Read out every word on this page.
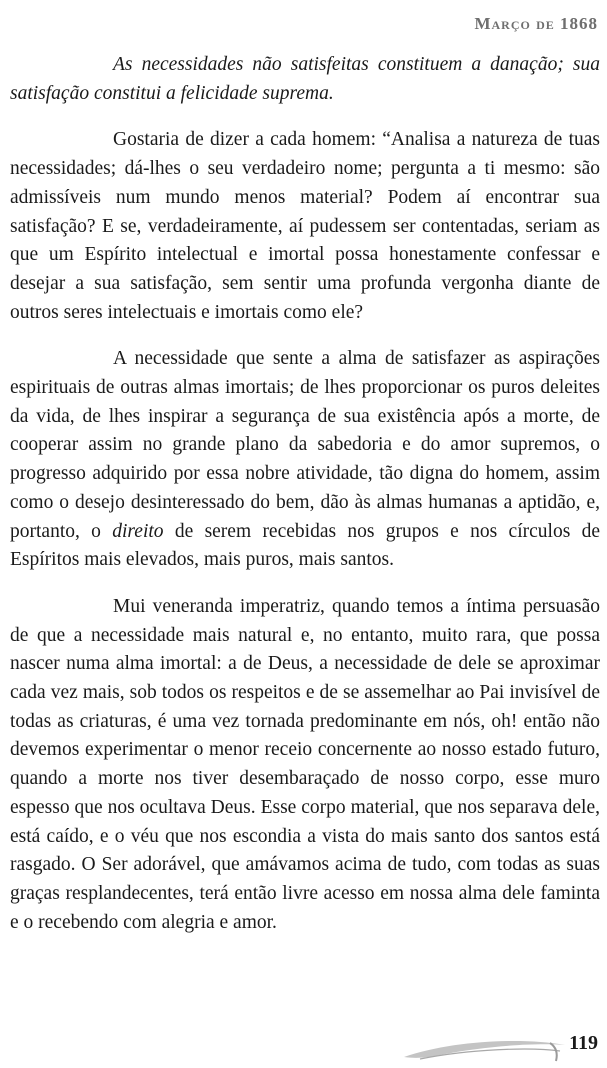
Março de 1868

As necessidades não satisfeitas constituem a danação; sua satisfação constitui a felicidade suprema.

Gostaria de dizer a cada homem: “Analisa a natureza de tuas necessidades; dá-lhes o seu verdadeiro nome; pergunta a ti mesmo: são admissíveis num mundo menos material? Podem aí encontrar sua satisfação? E se, verdadeiramente, aí pudessem ser contentadas, seriam as que um Espírito intelectual e imortal possa honestamente confessar e desejar a sua satisfação, sem sentir uma profunda vergonha diante de outros seres intelectuais e imortais como ele?

A necessidade que sente a alma de satisfazer as aspirações espirituais de outras almas imortais; de lhes proporcionar os puros deleites da vida, de lhes inspirar a segurança de sua existência após a morte, de cooperar assim no grande plano da sabedoria e do amor supremos, o progresso adquirido por essa nobre atividade, tão digna do homem, assim como o desejo desinteressado do bem, dão às almas humanas a aptidão, e, portanto, o direito de serem recebidas nos grupos e nos círculos de Espíritos mais elevados, mais puros, mais santos.

Mui veneranda imperatriz, quando temos a íntima persuasão de que a necessidade mais natural e, no entanto, muito rara, que possa nascer numa alma imortal: a de Deus, a necessidade de dele se aproximar cada vez mais, sob todos os respeitos e de se assemelhar ao Pai invisível de todas as criaturas, é uma vez tornada predominante em nós, oh! então não devemos experimentar o menor receio concernente ao nosso estado futuro, quando a morte nos tiver desembaraçado de nosso corpo, esse muro espesso que nos ocultava Deus. Esse corpo material, que nos separava dele, está caído, e o véu que nos escondia a vista do mais santo dos santos está rasgado. O Ser adorável, que amávamos acima de tudo, com todas as suas graças resplandecentes, terá então livre acesso em nossa alma dele faminta e o recebendo com alegria e amor.

119
